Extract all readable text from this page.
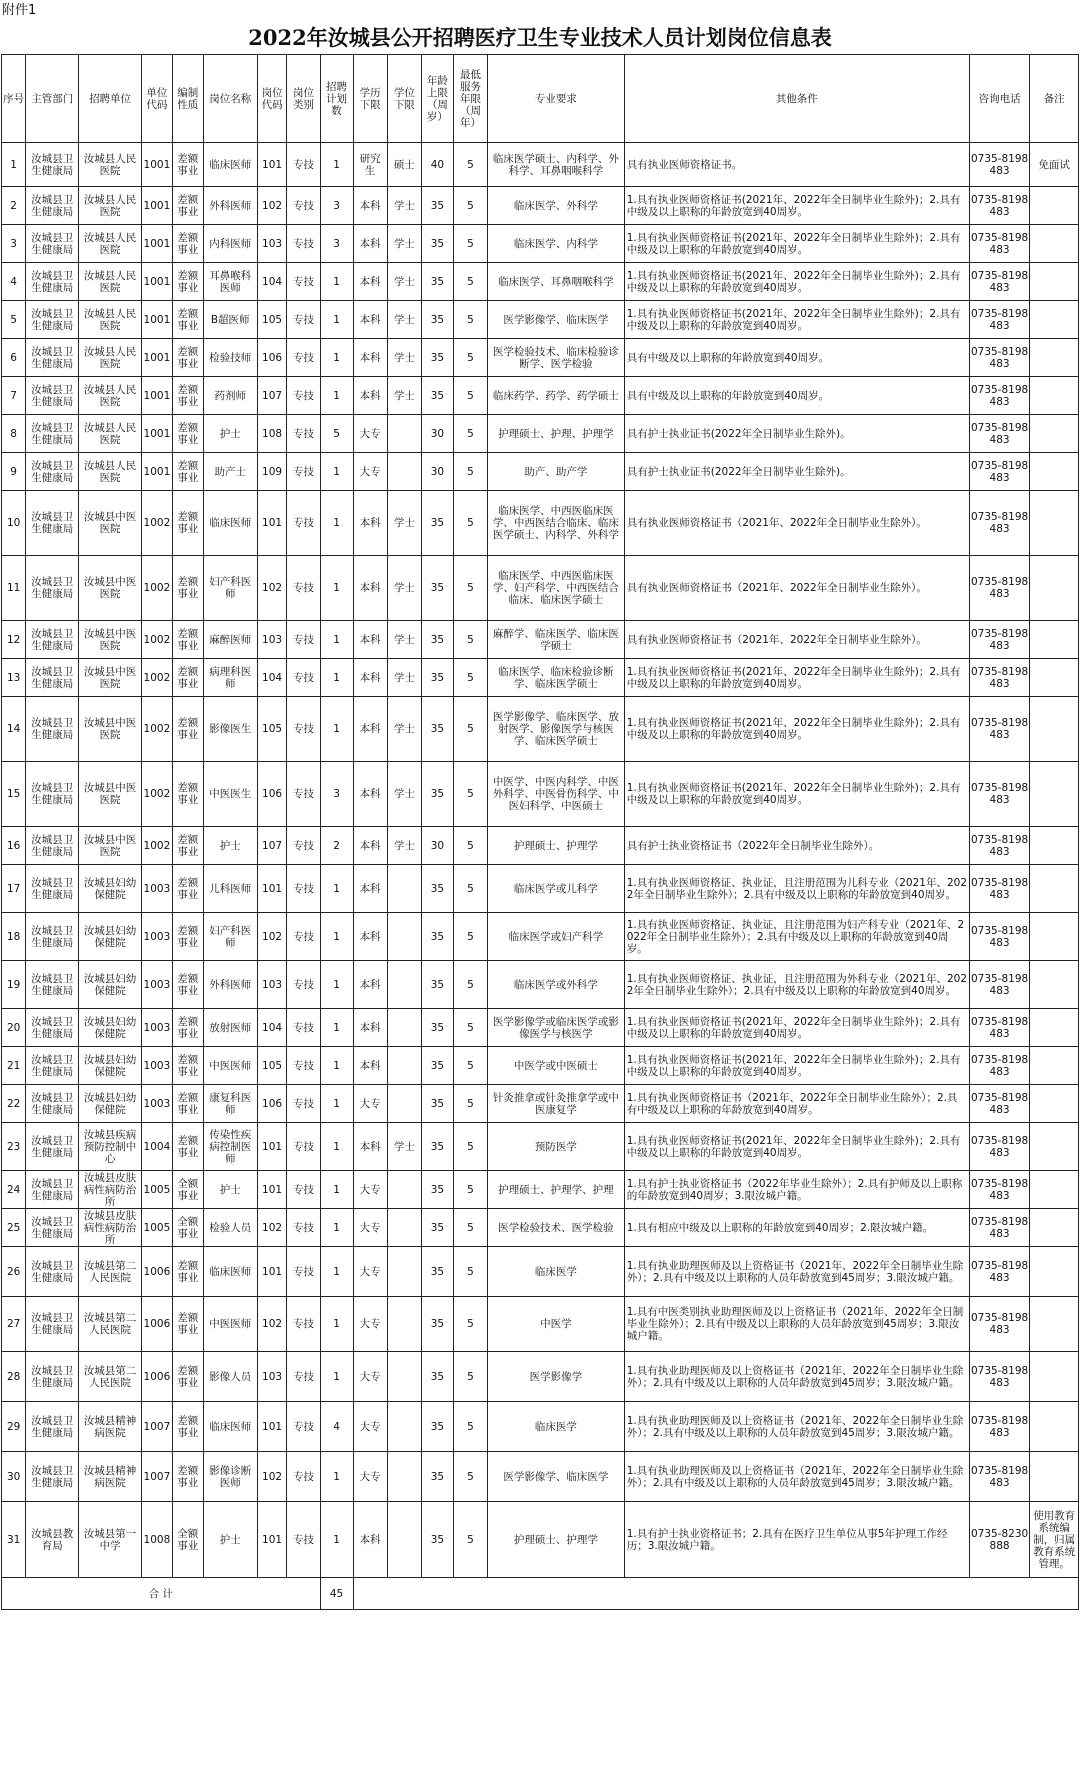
附件1
2022年汝城县公开招聘医疗卫生专业技术人员计划岗位信息表
序号	主管部门	招聘单位	单位代码	编制性质	岗位名称	岗位代码	岗位类别	招聘计划数	学历下限	学位下限	年龄上限（周岁）	最低服务年限（周年）	专业要求	其他条件	咨询电话	备注
1	汝城县卫生健康局	汝城县人民医院	1001	差额事业	临床医师	101	专技	1	研究生	硕士	40	5	临床医学硕士、内科学、外科学、耳鼻咽喉科学	具有执业医师资格证书。	0735-8198483	免面试
2	汝城县卫生健康局	汝城县人民医院	1001	差额事业	外科医师	102	专技	3	本科	学士	35	5	临床医学、外科学	1.具有执业医师资格证书(2021年、2022年全日制毕业生除外)；2.具有中级及以上职称的年龄放宽到40周岁。	0735-8198483	
3	汝城县卫生健康局	汝城县人民医院	1001	差额事业	内科医师	103	专技	3	本科	学士	35	5	临床医学、内科学	1.具有执业医师资格证书(2021年、2022年全日制毕业生除外)；2.具有中级及以上职称的年龄放宽到40周岁。	0735-8198483	
4	汝城县卫生健康局	汝城县人民医院	1001	差额事业	耳鼻喉科医师	104	专技	1	本科	学士	35	5	临床医学、耳鼻咽喉科学	1.具有执业医师资格证书(2021年、2022年全日制毕业生除外)；2.具有中级及以上职称的年龄放宽到40周岁。	0735-8198483	
5	汝城县卫生健康局	汝城县人民医院	1001	差额事业	B超医师	105	专技	1	本科	学士	35	5	医学影像学、临床医学	1.具有执业医师资格证书(2021年、2022年全日制毕业生除外)；2.具有中级及以上职称的年龄放宽到40周岁。	0735-8198483	
6	汝城县卫生健康局	汝城县人民医院	1001	差额事业	检验技师	106	专技	1	本科	学士	35	5	医学检验技术、临床检验诊断学、医学检验	具有中级及以上职称的年龄放宽到40周岁。	0735-8198483	
7	汝城县卫生健康局	汝城县人民医院	1001	差额事业	药剂师	107	专技	1	本科	学士	35	5	临床药学、药学、药学硕士	具有中级及以上职称的年龄放宽到40周岁。	0735-8198483	
8	汝城县卫生健康局	汝城县人民医院	1001	差额事业	护士	108	专技	5	大专		30	5	护理硕士、护理、护理学	具有护士执业证书(2022年全日制毕业生除外)。	0735-8198483	
9	汝城县卫生健康局	汝城县人民医院	1001	差额事业	助产士	109	专技	1	大专		30	5	助产、助产学	具有护士执业证书(2022年全日制毕业生除外)。	0735-8198483	
10	汝城县卫生健康局	汝城县中医医院	1002	差额事业	临床医师	101	专技	1	本科	学士	35	5	临床医学、中西医临床医学、中西医结合临床、临床医学硕士、内科学、外科学	具有执业医师资格证书（2021年、2022年全日制毕业生除外）。	0735-8198483	
11	汝城县卫生健康局	汝城县中医医院	1002	差额事业	妇产科医师	102	专技	1	本科	学士	35	5	临床医学、中西医临床医学、妇产科学、中西医结合临床、临床医学硕士	具有执业医师资格证书（2021年、2022年全日制毕业生除外）。	0735-8198483	
12	汝城县卫生健康局	汝城县中医医院	1002	差额事业	麻醉医师	103	专技	1	本科	学士	35	5	麻醉学、临床医学、临床医学硕士	具有执业医师资格证书（2021年、2022年全日制毕业生除外）。	0735-8198483	
13	汝城县卫生健康局	汝城县中医医院	1002	差额事业	病理科医师	104	专技	1	本科	学士	35	5	临床医学、临床检验诊断学、临床医学硕士	1.具有执业医师资格证书(2021年、2022年全日制毕业生除外)；2.具有中级及以上职称的年龄放宽到40周岁。	0735-8198483	
14	汝城县卫生健康局	汝城县中医医院	1002	差额事业	影像医生	105	专技	1	本科	学士	35	5	医学影像学、临床医学、放射医学、影像医学与核医学、临床医学硕士	1.具有执业医师资格证书(2021年、2022年全日制毕业生除外)；2.具有中级及以上职称的年龄放宽到40周岁。	0735-8198483	
15	汝城县卫生健康局	汝城县中医医院	1002	差额事业	中医医生	106	专技	3	本科	学士	35	5	中医学、中医内科学、中医外科学、中医骨伤科学、中医妇科学、中医硕士	1.具有执业医师资格证书(2021年、2022年全日制毕业生除外)；2.具有中级及以上职称的年龄放宽到40周岁。	0735-8198483	
16	汝城县卫生健康局	汝城县中医医院	1002	差额事业	护士	107	专技	2	本科	学士	30	5	护理硕士、护理学	具有护士执业资格证书（2022年全日制毕业生除外）。	0735-8198483	
17	汝城县卫生健康局	汝城县妇幼保健院	1003	差额事业	儿科医师	101	专技	1	本科		35	5	临床医学或儿科学	1.具有执业医师资格证、执业证，且注册范围为儿科专业（2021年、2022年全日制毕业生除外）；2.具有中级及以上职称的年龄放宽到40周岁。	0735-8198483	
18	汝城县卫生健康局	汝城县妇幼保健院	1003	差额事业	妇产科医师	102	专技	1	本科		35	5	临床医学或妇产科学	1.具有执业医师资格证、执业证，且注册范围为妇产科专业（2021年、2022年全日制毕业生除外）；2.具有中级及以上职称的年龄放宽到40周岁。	0735-8198483	
19	汝城县卫生健康局	汝城县妇幼保健院	1003	差额事业	外科医师	103	专技	1	本科		35	5	临床医学或外科学	1.具有执业医师资格证、执业证，且注册范围为外科专业（2021年、2022年全日制毕业生除外）；2.具有中级及以上职称的年龄放宽到40周岁。	0735-8198483	
20	汝城县卫生健康局	汝城县妇幼保健院	1003	差额事业	放射医师	104	专技	1	本科		35	5	医学影像学或临床医学或影像医学与核医学	1.具有执业医师资格证书(2021年、2022年全日制毕业生除外)；2.具有中级及以上职称的年龄放宽到40周岁。	0735-8198483	
21	汝城县卫生健康局	汝城县妇幼保健院	1003	差额事业	中医医师	105	专技	1	本科		35	5	中医学或中医硕士	1.具有执业医师资格证书(2021年、2022年全日制毕业生除外)；2.具有中级及以上职称的年龄放宽到40周岁。	0735-8198483	
22	汝城县卫生健康局	汝城县妇幼保健院	1003	差额事业	康复科医师	106	专技	1	大专		35	5	针灸推拿或针灸推拿学或中医康复学	1.具有执业医师资格证书（2021年、2022年全日制毕业生除外）；2.具有中级及以上职称的年龄放宽到40周岁。	0735-8198483	
23	汝城县卫生健康局	汝城县疾病预防控制中心	1004	差额事业	传染性疾病控制医师	101	专技	1	本科	学士	35	5	预防医学	1.具有执业医师资格证书(2021年、2022年全日制毕业生除外)；2.具有中级及以上职称的年龄放宽到40周岁。	0735-8198483	
24	汝城县卫生健康局	汝城县皮肤病性病防治所	1005	全额事业	护士	101	专技	1	大专		35	5	护理硕士、护理学、护理	1.具有护士执业资格证书（2022年毕业生除外）；2.具有护师及以上职称的年龄放宽到40周岁；3.限汝城户籍。	0735-8198483	
25	汝城县卫生健康局	汝城县皮肤病性病防治所	1005	全额事业	检验人员	102	专技	1	大专		35	5	医学检验技术、医学检验	1.具有相应中级及以上职称的年龄放宽到40周岁；2.限汝城户籍。	0735-8198483	
26	汝城县卫生健康局	汝城县第二人民医院	1006	差额事业	临床医师	101	专技	1	大专		35	5	临床医学	1.具有执业助理医师及以上资格证书（2021年、2022年全日制毕业生除外）；2.具有中级及以上职称的人员年龄放宽到45周岁；3.限汝城户籍。	0735-8198483	
27	汝城县卫生健康局	汝城县第二人民医院	1006	差额事业	中医医师	102	专技	1	大专		35	5	中医学	1.具有中医类别执业助理医师及以上资格证书（2021年、2022年全日制毕业生除外）；2.具有中级及以上职称的人员年龄放宽到45周岁；3.限汝城户籍。	0735-8198483	
28	汝城县卫生健康局	汝城县第二人民医院	1006	差额事业	影像人员	103	专技	1	大专		35	5	医学影像学	1.具有执业助理医师及以上资格证书（2021年、2022年全日制毕业生除外）；2.具有中级及以上职称的人员年龄放宽到45周岁；3.限汝城户籍。	0735-8198483	
29	汝城县卫生健康局	汝城县精神病医院	1007	差额事业	临床医师	101	专技	4	大专		35	5	临床医学	1.具有执业助理医师及以上资格证书（2021年、2022年全日制毕业生除外）；2.具有中级及以上职称的人员年龄放宽到45周岁；3.限汝城户籍。	0735-8198483	
30	汝城县卫生健康局	汝城县精神病医院	1007	差额事业	影像诊断医师	102	专技	1	大专		35	5	医学影像学、临床医学	1.具有执业助理医师及以上资格证书（2021年、2022年全日制毕业生除外）；2.具有中级及以上职称的人员年龄放宽到45周岁；3.限汝城户籍。	0735-8198483	
31	汝城县教育局	汝城县第一中学	1008	全额事业	护士	101	专技	1	本科		35	5	护理硕士、护理学	1.具有护士执业资格证书；2.具有在医疗卫生单位从事5年护理工作经历；3.限汝城户籍。	0735-8230888	使用教育系统编制，归属教育系统管理。
合 计								45								
